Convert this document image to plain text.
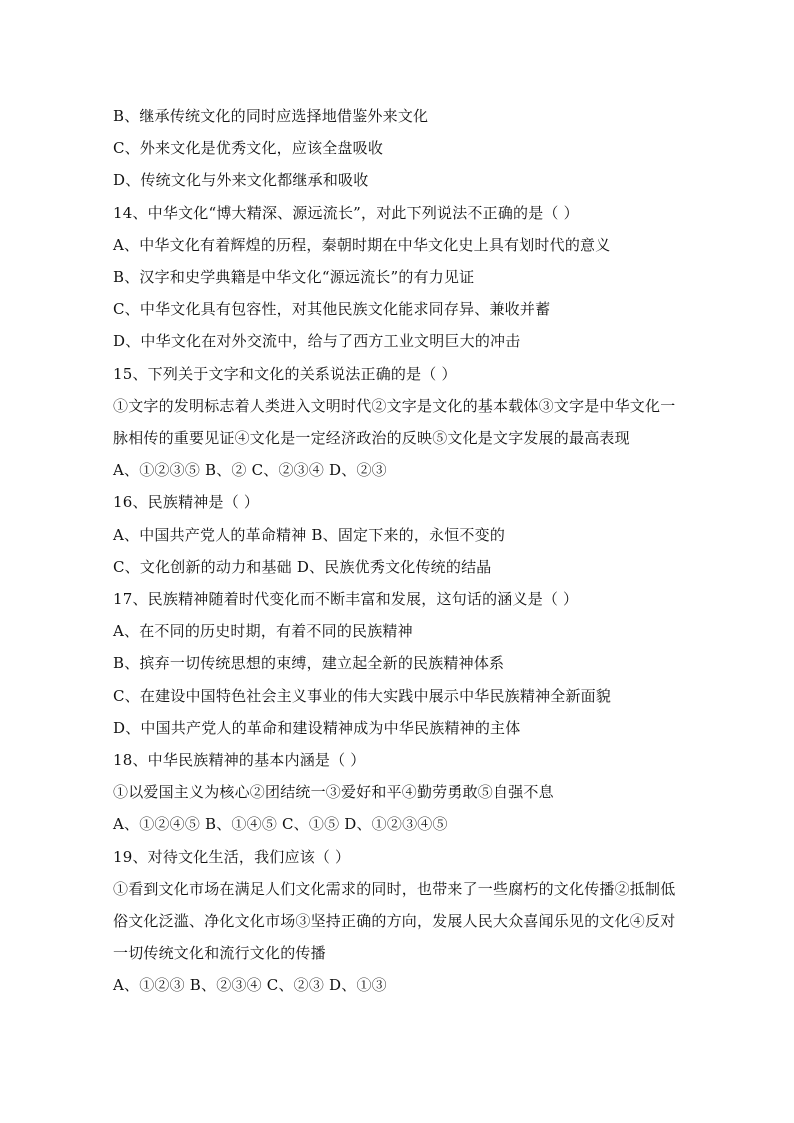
B、继承传统文化的同时应选择地借鉴外来文化

C、外来文化是优秀文化，应该全盘吸收

D、传统文化与外来文化都继承和吸收

14、中华文化“博大精深、源远流长”，对此下列说法不正确的是（ ）

A、中华文化有着辉煌的历程，秦朝时期在中华文化史上具有划时代的意义

B、汉字和史学典籍是中华文化“源远流长”的有力见证

C、中华文化具有包容性，对其他民族文化能求同存异、兼收并蓄

D、中华文化在对外交流中，给与了西方工业文明巨大的冲击

15、下列关于文字和文化的关系说法正确的是（ ）

①文字的发明标志着人类进入文明时代②文字是文化的基本载体③文字是中华文化一脉相传的重要见证④文化是一定经济政治的反映⑤文化是文字发展的最高表现

A、①②③⑤ B、② C、②③④ D、②③

16、民族精神是（ ）

A、中国共产党人的革命精神 B、固定下来的，永恒不变的

C、文化创新的动力和基础 D、民族优秀文化传统的结晶

17、民族精神随着时代变化而不断丰富和发展，这句话的涵义是（ ）

A、在不同的历史时期，有着不同的民族精神

B、摈弃一切传统思想的束缚，建立起全新的民族精神体系

C、在建设中国特色社会主义事业的伟大实践中展示中华民族精神全新面貌

D、中国共产党人的革命和建设精神成为中华民族精神的主体

18、中华民族精神的基本内涵是（ ）

①以爱国主义为核心②团结统一③爱好和平④勤劳勇敢⑤自强不息

A、①②④⑤ B、①④⑤ C、①⑤ D、①②③④⑤

19、对待文化生活，我们应该（ ）

①看到文化市场在满足人们文化需求的同时，也带来了一些腐朽的文化传播②抵制低俗文化泛滥、净化文化市场③坚持正确的方向，发展人民大众喜闻乐见的文化④反对一切传统文化和流行文化的传播

A、①②③ B、②③④ C、②③ D、①③
